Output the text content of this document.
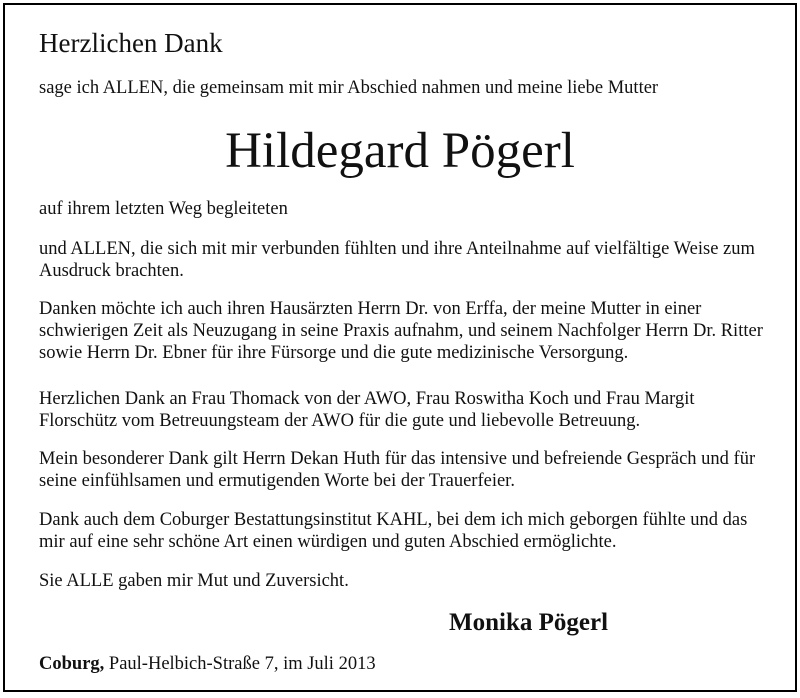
Herzlichen Dank

sage ich ALLEN, die gemeinsam mit mir Abschied nahmen und meine liebe Mutter

Hildegard Pögerl

auf ihrem letzten Weg begleiteten

und ALLEN, die sich mit mir verbunden fühlten und ihre Anteilnahme auf vielfältige Weise zum Ausdruck brachten.

Danken möchte ich auch ihren Hausärzten Herrn Dr. von Erffa, der meine Mutter in einer schwierigen Zeit als Neuzugang in seine Praxis aufnahm, und seinem Nachfolger Herrn Dr. Ritter sowie Herrn Dr. Ebner für ihre Fürsorge und die gute medizinische Versorgung.

Herzlichen Dank an Frau Thomack von der AWO, Frau Roswitha Koch und Frau Margit Florschütz vom Betreuungsteam der AWO für die gute und liebevolle Betreuung.

Mein besonderer Dank gilt Herrn Dekan Huth für das intensive und befreiende Gespräch und für seine einfühlsamen und ermutigenden Worte bei der Trauerfeier.

Dank auch dem Coburger Bestattungsinstitut KAHL, bei dem ich mich geborgen fühlte und das mir auf eine sehr schöne Art einen würdigen und guten Abschied ermöglichte.

Sie ALLE gaben mir Mut und Zuversicht.

Monika Pögerl

Coburg, Paul-Helbich-Straße 7, im Juli 2013
